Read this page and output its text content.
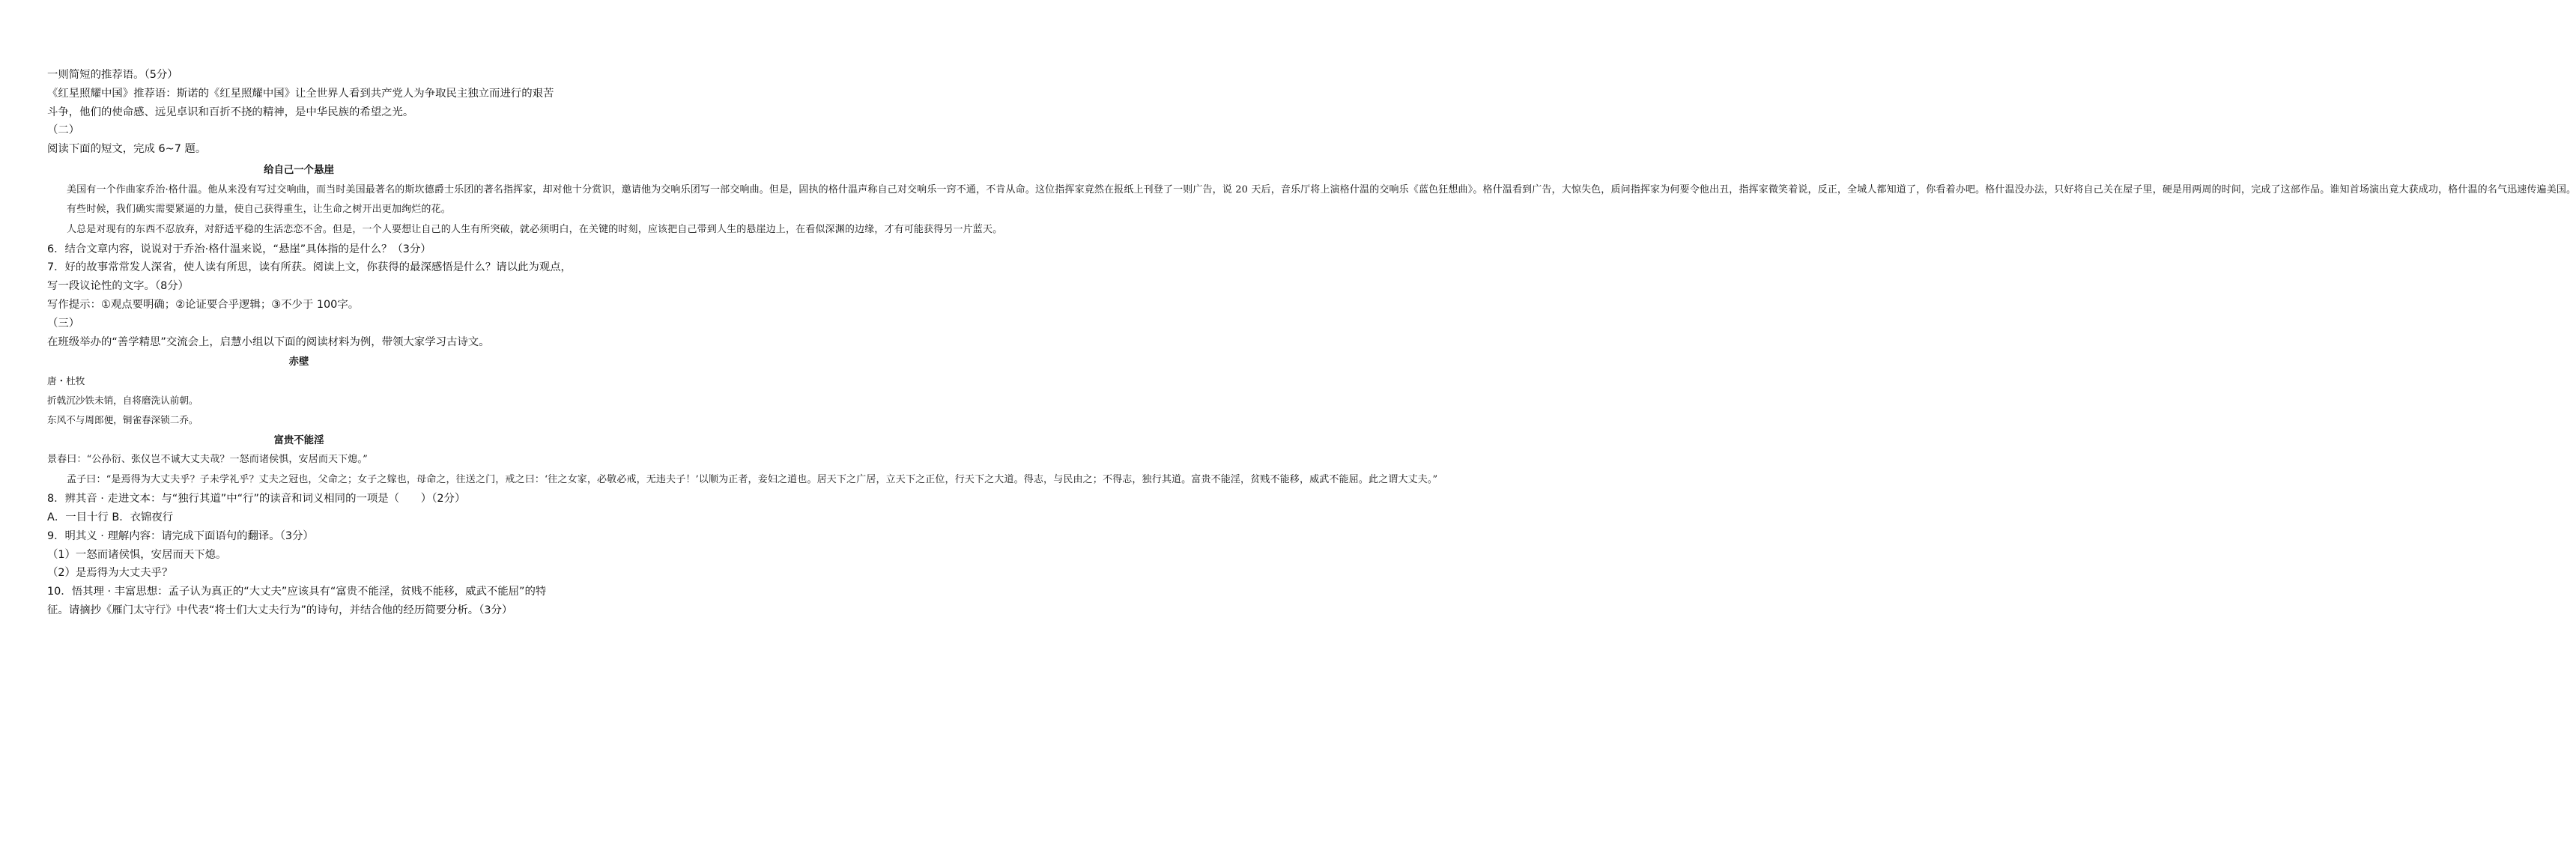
一则简短的推荐语。（5分）

《红星照耀中国》推荐语：斯诺的《红星照耀中国》让全世界人看到共产党人为争取民主独立而进行的艰苦

斗争，他们的使命感、远见卓识和百折不挠的精神，是中华民族的希望之光。

（二）

阅读下面的短文，完成 6~7 题。

给自己一个悬崖

美国有一个作曲家乔治·格什温。他从来没有写过交响曲，而当时美国最著名的斯坎德爵士乐团的著名指挥家，却对他十分赏识，邀请他为交响乐团写一部交响曲。但是，固执的格什温声称自己对交响乐一窍不通，不肯从命。这位指挥家竟然在报纸上刊登了一则广告，说 20 天后，音乐厅将上演格什温的交响乐《蓝色狂想曲》。格什温看到广告，大惊失色，质问指挥家为何要令他出丑，指挥家微笑着说，反正，全城人都知道了，你看着办吧。格什温没办法，只好将自己关在屋子里，硬是用两周的时间，完成了这部作品。谁知首场演出竟大获成功，格什温的名气迅速传遍美国。

有些时候，我们确实需要紧逼的力量，使自己获得重生，让生命之树开出更加绚烂的花。

人总是对现有的东西不忍放弃，对舒适平稳的生活恋恋不舍。但是，一个人要想让自己的人生有所突破，就必须明白，在关键的时刻，应该把自己带到人生的悬崖边上，在看似深渊的边缘，才有可能获得另一片蓝天。

6．结合文章内容，说说对于乔治·格什温来说，“悬崖”具体指的是什么？（3分）

7．好的故事常常发人深省，使人读有所思，读有所获。阅读上文，你获得的最深感悟是什么？请以此为观点，

写一段议论性的文字。（8分）

写作提示：①观点要明确；②论证要合乎逻辑；③不少于 100字。

（三）

在班级举办的“善学精思”交流会上，启慧小组以下面的阅读材料为例，带领大家学习古诗文。

赤壁

唐・杜牧

折戟沉沙铁未销，自将磨洗认前朝。

东风不与周郎便，铜雀春深锁二乔。

富贵不能淫

景春曰：“公孙衍、张仪岂不诚大丈夫哉？一怒而诸侯惧，安居而天下熄。”

孟子曰：“是焉得为大丈夫乎？子未学礼乎？丈夫之冠也，父命之；女子之嫁也，母命之，往送之门，戒之曰：‘往之女家，必敬必戒，无违夫子！’以顺为正者，妾妇之道也。居天下之广居，立天下之正位，行天下之大道。得志，与民由之；不得志，独行其道。富贵不能淫，贫贱不能移，威武不能屈。此之谓大丈夫。”

8．辨其音 · 走进文本：与“独行其道”中“行”的读音和词义相同的一项是（　　）（2分）

A．一目十行 B．衣锦夜行

9．明其义 · 理解内容：请完成下面语句的翻译。（3分）

（1）一怒而诸侯惧，安居而天下熄。

（2）是焉得为大丈夫乎？

10．悟其理 · 丰富思想：孟子认为真正的“大丈夫”应该具有“富贵不能淫，贫贱不能移，威武不能屈”的特

征。请摘抄《雁门太守行》中代表“将士们大丈夫行为”的诗句，并结合他的经历简要分析。（3分）
